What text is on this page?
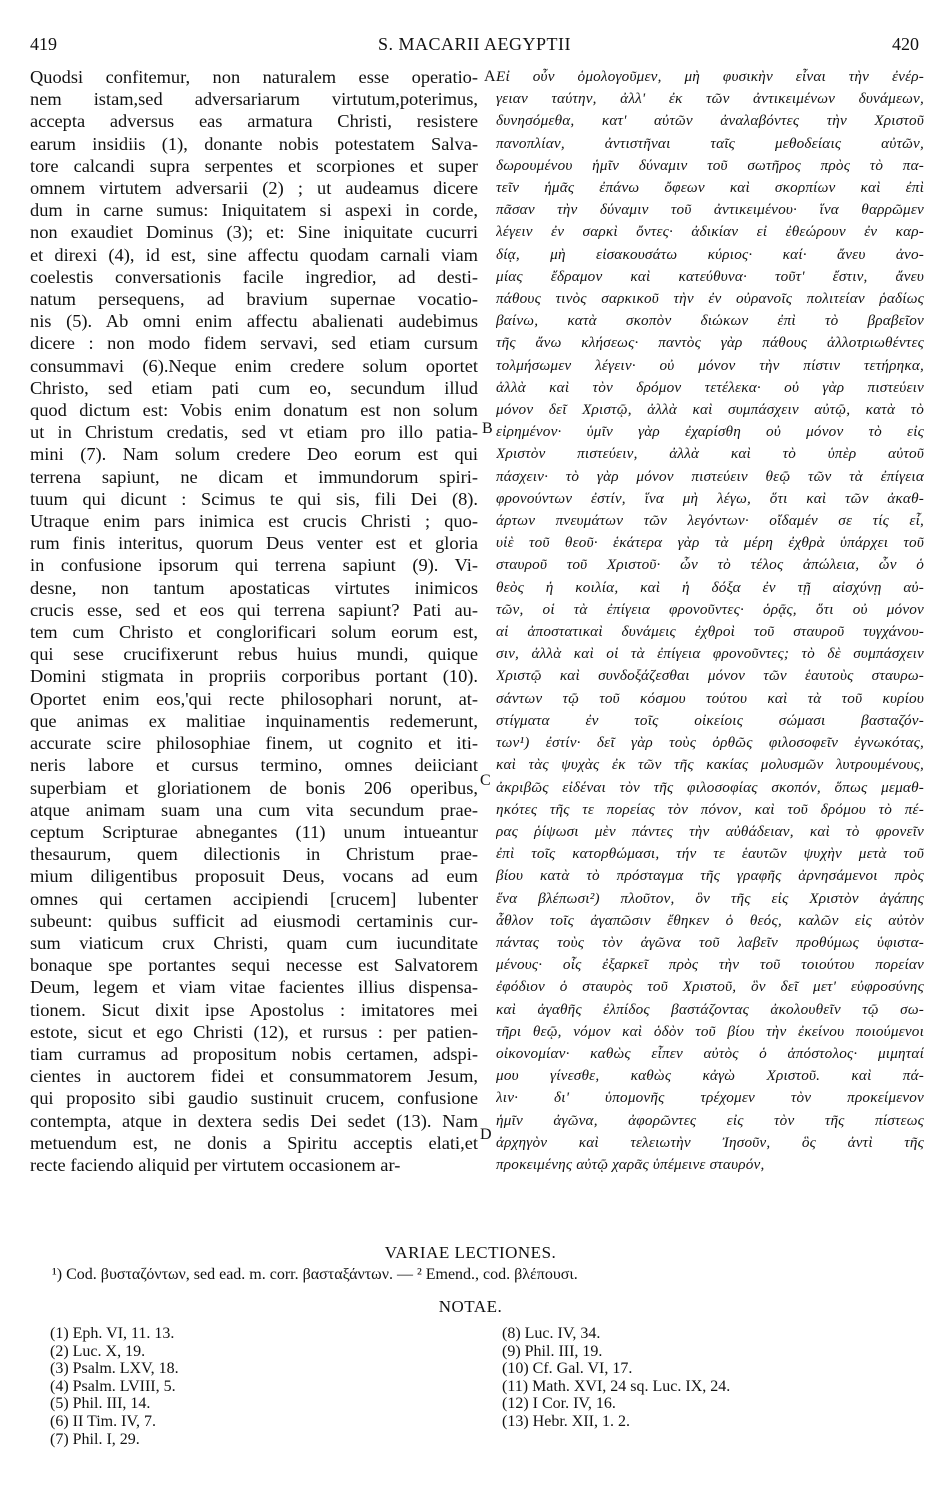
419	S. MACARII AEGYPTII	420
Quodsi confitemur, non naturalem esse operatio-
nem istam,sed adversariarum virtutum,poterimus,
accepta adversus eas armatura Christi, resistere
earum insidiis (1), donante nobis potestatem Salva-
tore calcandi supra serpentes et scorpiones et super
omnem virtutem adversarii (2) ; ut audeamus dicere
dum in carne sumus: Iniquitatem si aspexi in corde,
non exaudiet Dominus (3); et: Sine iniquitate cucurri
et direxi (4), id est, sine affectu quodam carnali viam
coelestis conversationis facile ingredior, ad desti-
natum persequens, ad bravium supernae vocatio-
nis (5). Ab omni enim affectu abalienati audebimus
dicere : non modo fidem servavi, sed etiam cursum
consummavi (6).Neque enim credere solum oportet
Christo, sed etiam pati cum eo, secundum illud
quod dictum est: Vobis enim donatum est non solum
ut in Christum credatis, sed vt etiam pro illo patia-
mini (7). Nam solum credere Deo eorum est qui
terrena sapiunt, ne dicam et immundorum spiri-
tuum qui dicunt : Scimus te qui sis, fili Dei (8).
Utraque enim pars inimica est crucis Christi ; quo-
rum finis interitus, quorum Deus venter est et gloria
in confusione ipsorum qui terrena sapiunt (9). Vi-
desne, non tantum apostaticas virtutes inimicos
crucis esse, sed et eos qui terrena sapiunt? Pati au-
tem cum Christo et conglorificari solum eorum est,
qui sese crucifixerunt rebus huius mundi, quique
Domini stigmata in propriis corporibus portant (10).
Oportet enim eos,'qui recte philosophari norunt, at-
que animas ex malitiae inquinamentis redemerunt,
accurate scire philosophiae finem, ut cognito et iti-
neris labore et cursus termino, omnes deiiciant
superbiam et gloriationem de bonis 206 operibus,
atque animam suam una cum vita secundum prae-
ceptum Scripturae abnegantes (11) unum intueantur
thesaurum, quem dilectionis in Christum prae-
mium diligentibus proposuit Deus, vocans ad eum
omnes qui certamen accipiendi [crucem] lubenter
subeunt: quibus sufficit ad eiusmodi certaminis cur-
sum viaticum crux Christi, quam cum iucunditate
bonaque spe portantes sequi necesse est Salvatorem
Deum, legem et viam vitae facientes illius dispensa-
tionem. Sicut dixit ipse Apostolus : imitatores mei
estote, sicut et ego Christi (12), et rursus : per patien-
tiam curramus ad propositum nobis certamen, adspi-
cientes in auctorem fidei et consummatorem Jesum,
qui proposito sibi gaudio sustinuit crucem, confusione
contempta, atque in dextera sedis Dei sedet (13). Nam
metuendum est, ne donis a Spiritu acceptis elati,et
recte faciendo aliquid per virtutem occasionem ar-
Εἰ οὖν ὁμολογοῦμεν, μὴ φυσικὴν εἶναι τὴν ἐνέρ-
γειαν ταύτην, ἀλλ' ἐκ τῶν ἀντικειμένων δυνάμεων,
δυνησόμεθα, κατ' αὐτῶν ἀναλαβόντες τὴν Χριστοῦ
πανοπλίαν, ἀντιστῆναι ταῖς μεθοδείαις αὐτῶν,
δωρουμένου ἡμῖν δύναμιν τοῦ σωτῆρος πρὸς τὸ πα-
τεῖν ἡμᾶς ἐπάνω ὄφεων καὶ σκορπίων καὶ ἐπὶ
πᾶσαν τὴν δύναμιν τοῦ ἀντικειμένου· ἵνα θαρρῶμεν
λέγειν ἐν σαρκὶ ὄντες· ἀδικίαν εἰ ἐθεώρουν ἐν καρ-
δίᾳ, μὴ εἰσακουσάτω κύριος· καί· ἄνευ ἀνο-
μίας ἔδραμον καὶ κατεύθυνα· τοῦτ' ἔστιν, ἄνευ
πάθους τινὸς σαρκικοῦ τὴν ἐν οὐρανοῖς πολιτείαν ῥαδίως
βαίνω, κατὰ σκοπὸν διώκων ἐπὶ τὸ βραβεῖον
τῆς ἄνω κλήσεως· παντὸς γὰρ πάθους ἀλλοτριωθέντες
τολμήσωμεν λέγειν· οὐ μόνον τὴν πίστιν τετήρηκα,
ἀλλὰ καὶ τὸν δρόμον τετέλεκα· οὐ γὰρ πιστεύειν
μόνον δεῖ Χριστῷ, ἀλλὰ καὶ συμπάσχειν αὐτῷ, κατὰ τὸ
εἰρημένον· ὑμῖν γὰρ ἐχαρίσθη οὐ μόνον τὸ εἰς
Χριστὸν πιστεύειν, ἀλλὰ καὶ τὸ ὑπὲρ αὐτοῦ
πάσχειν· τὸ γὰρ μόνον πιστεύειν θεῷ τῶν τὰ ἐπίγεια
φρονούντων ἐστίν, ἵνα μὴ λέγω, ὅτι καὶ τῶν ἀκαθ-
άρτων πνευμάτων τῶν λεγόντων· οἴδαμέν σε τίς εἶ,
υἱὲ τοῦ θεοῦ· ἑκάτερα γὰρ τὰ μέρη ἐχθρὰ ὑπάρχει τοῦ
σταυροῦ τοῦ Χριστοῦ· ὧν τὸ τέλος ἀπώλεια, ὧν ὁ
θεὸς ἡ κοιλία, καὶ ἡ δόξα ἐν τῇ αἰσχύνῃ αὐ-
τῶν, οἱ τὰ ἐπίγεια φρονοῦντες· ὁρᾷς, ὅτι οὐ μόνον
αἱ ἀποστατικαὶ δυνάμεις ἐχθροὶ τοῦ σταυροῦ τυγχάνου-
σιν, ἀλλὰ καὶ οἱ τὰ ἐπίγεια φρονοῦντες; τὸ δὲ συμπάσχειν
Χριστῷ καὶ συνδοξάζεσθαι μόνον τῶν ἑαυτοὺς σταυρω-
σάντων τῷ τοῦ κόσμου τούτου καὶ τὰ τοῦ κυρίου
στίγματα ἐν τοῖς οἰκείοις σώμασι βασταζόν-
των¹) ἐστίν· δεῖ γὰρ τοὺς ὀρθῶς φιλοσοφεῖν ἐγνωκότας,
καὶ τὰς ψυχὰς ἐκ τῶν τῆς κακίας μολυσμῶν λυτρουμένους,
ἀκριβῶς εἰδέναι τὸν τῆς φιλοσοφίας σκοπόν, ὅπως μεμαθ-
ηκότες τῆς τε πορείας τὸν πόνον, καὶ τοῦ δρόμου τὸ πέ-
ρας ῥίψωσι μὲν πάντες τὴν αὐθάδειαν, καὶ τὸ φρονεῖν
ἐπὶ τοῖς κατορθώμασι, τήν τε ἑαυτῶν ψυχὴν μετὰ τοῦ
βίου κατὰ τὸ πρόσταγμα τῆς γραφῆς ἀρνησάμενοι πρὸς
ἕνα βλέπωσι²) πλοῦτον, ὃν τῆς εἰς Χριστὸν ἀγάπης
ἆθλον τοῖς ἀγαπῶσιν ἔθηκεν ὁ θεός, καλῶν εἰς αὐτὸν
πάντας τοὺς τὸν ἀγῶνα τοῦ λαβεῖν προθύμως ὑφιστα-
μένους· οἷς ἐξαρκεῖ πρὸς τὴν τοῦ τοιούτου πορείαν
ἐφόδιον ὁ σταυρὸς τοῦ Χριστοῦ, ὃν δεῖ μετ' εὐφροσύνης
καὶ ἀγαθῆς ἐλπίδος βαστάζοντας ἀκολουθεῖν τῷ σω-
τῆρι θεῷ, νόμον καὶ ὁδὸν τοῦ βίου τὴν ἐκείνου ποιούμενοι
οἰκονομίαν· καθὼς εἶπεν αὐτὸς ὁ ἀπόστολος· μιμηταί
μου γίνεσθε, καθὼς κἀγὼ Χριστοῦ. καὶ πά-
λιν· δι' ὑπομονῆς τρέχομεν τὸν προκείμενον
ἡμῖν ἀγῶνα, ἀφορῶντες εἰς τὸν τῆς πίστεως
ἀρχηγὸν καὶ τελειωτὴν Ἰησοῦν, ὃς ἀντὶ τῆς
προκειμένης αὐτῷ χαρᾶς ὑπέμεινε σταυρόν,
A
B
C
D
VARIAE LECTIONES.
¹) Cod. βυσταζόντων, sed ead. m. corr. βασταξάντων. — ² Emend., cod. βλέπουσι.
NOTAE.
(1) Eph. VI, 11. 13.
(2) Luc. X, 19.
(3) Psalm. LXV, 18.
(4) Psalm. LVIII, 5.
(5) Phil. III, 14.
(6) II Tim. IV, 7.
(7) Phil. I, 29.
(8) Luc. IV, 34.
(9) Phil. III, 19.
(10) Cf. Gal. VI, 17.
(11) Math. XVI, 24 sq. Luc. IX, 24.
(12) I Cor. IV, 16.
(13) Hebr. XII, 1. 2.
